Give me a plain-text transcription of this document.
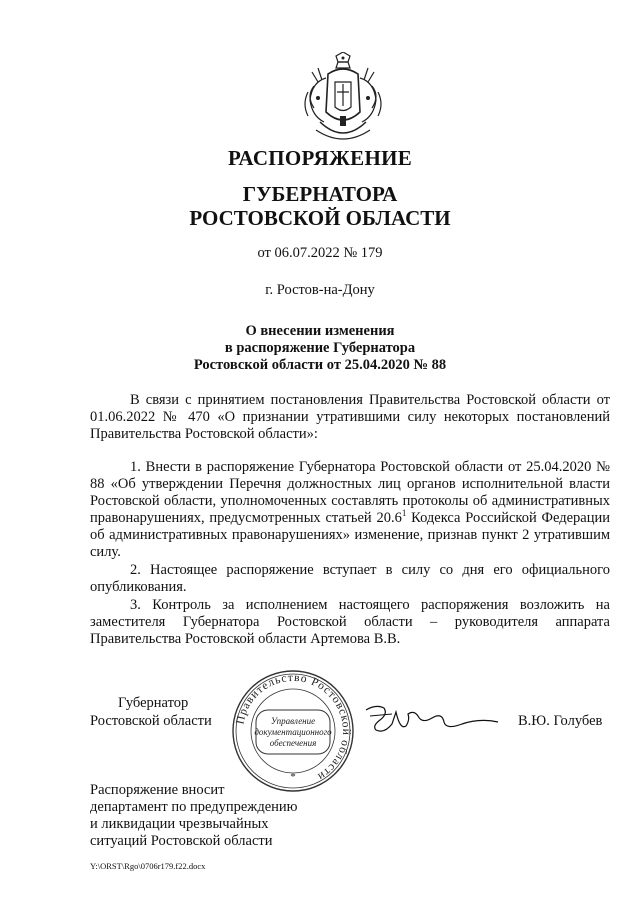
РАСПОРЯЖЕНИЕ
ГУБЕРНАТОРА
РОСТОВСКОЙ ОБЛАСТИ
от 06.07.2022 № 179
г. Ростов-на-Дону
О внесении изменения
в распоряжение Губернатора
Ростовской области от 25.04.2020 № 88
В связи с принятием постановления Правительства Ростовской области от 01.06.2022 № 470 «О признании утратившими силу некоторых постановлений Правительства Ростовской области»:
1. Внести в распоряжение Губернатора Ростовской области от 25.04.2020 № 88 «Об утверждении Перечня должностных лиц органов исполнительной власти Ростовской области, уполномоченных составлять протоколы об административных правонарушениях, предусмотренных статьей 20.6$^1$ Кодекса Российской Федерации об административных правонарушениях» изменение, признав пункт 2 утратившим силу.
2. Настоящее распоряжение вступает в силу со дня его официального опубликования.
3. Контроль за исполнением настоящего распоряжения возложить на заместителя Губернатора Ростовской области – руководителя аппарата Правительства Ростовской области Артемова В.В.
Губернатор
Ростовской области Правительство Ростовской области
Управление
документационного
обеспечения
*
В.Ю. Голубев
Распоряжение вносит
департамент по предупреждению
и ликвидации чрезвычайных
ситуаций Ростовской области
Y:\ORST\Rgo\0706r179.f22.docx
